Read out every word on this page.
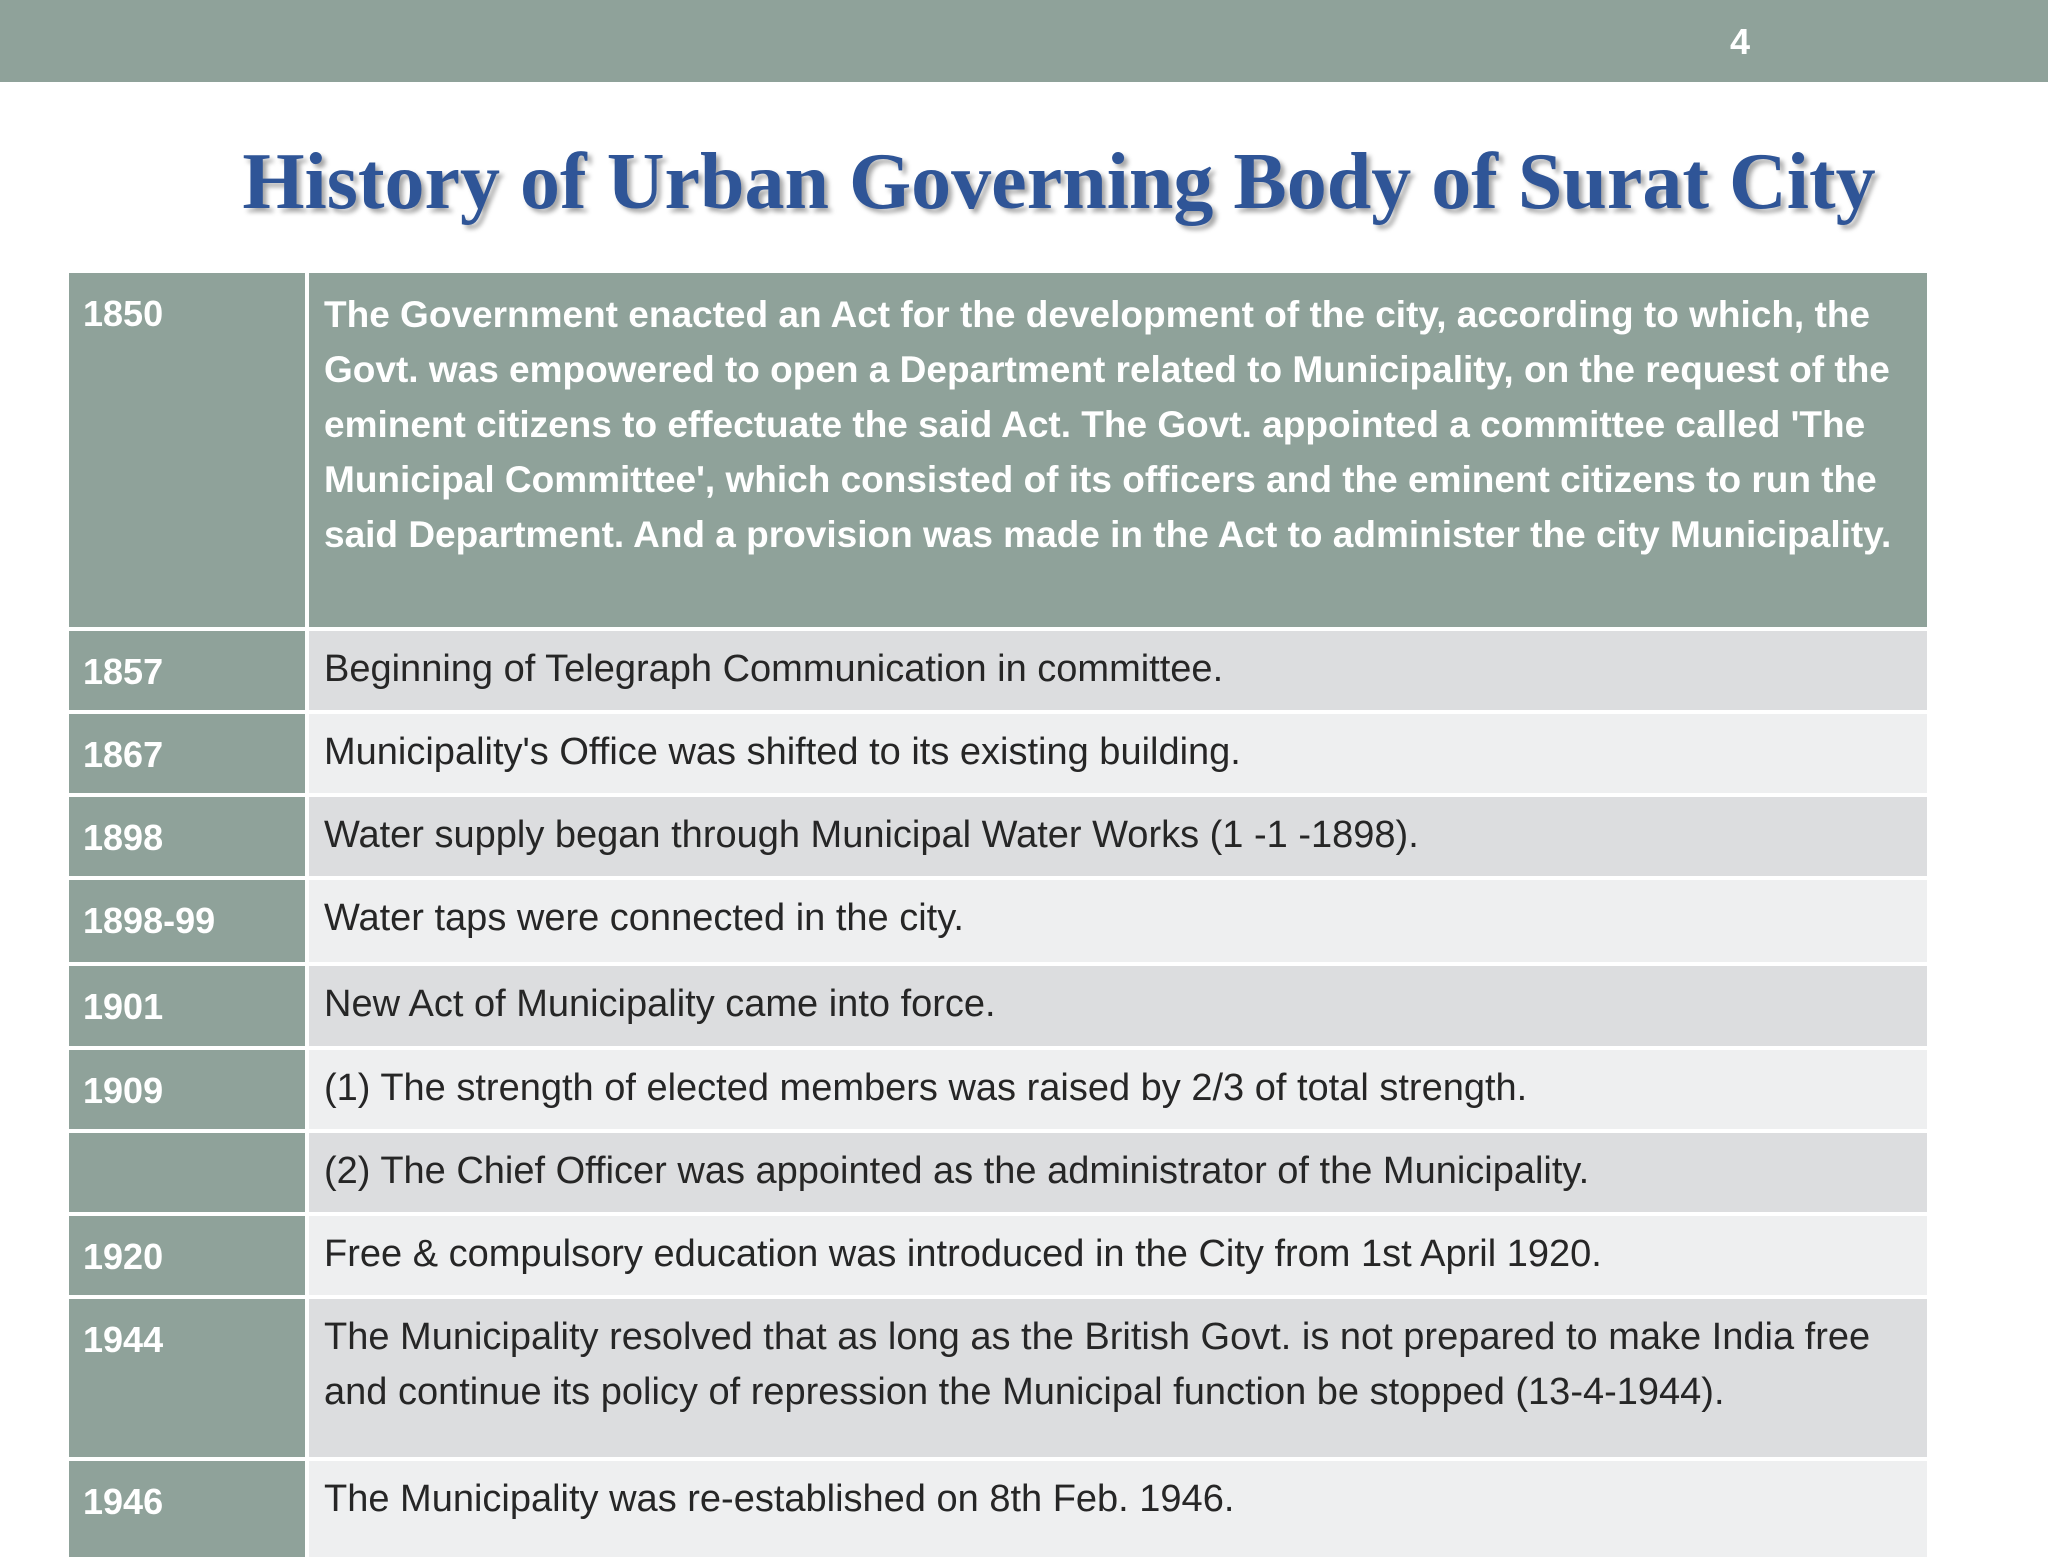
4
History of Urban Governing Body of Surat City
1850	The Government enacted an Act for the development of the city, according to which, the Govt. was empowered to open a Department related to Municipality, on the request of the eminent citizens to effectuate the said Act. The Govt. appointed a committee called 'The Municipal Committee', which consisted of its officers and the eminent citizens to run the said Department. And a provision was made in the Act to administer the city Municipality.
1857	Beginning of Telegraph Communication in committee.
1867	Municipality's Office was shifted to its existing building.
1898	Water supply began through Municipal Water Works (1 -1 -1898).
1898-99	Water taps were connected in the city.
1901	New Act of Municipality came into force.
1909	(1) The strength of elected members was raised by 2/3 of total strength.
(2) The Chief Officer was appointed as the administrator of the Municipality.
1920	Free & compulsory education was introduced in the City from 1st April 1920.
1944	The Municipality resolved that as long as the British Govt. is not prepared to make India free and continue its policy of repression the Municipal function be stopped (13-4-1944).
1946	The Municipality was re-established on 8th Feb. 1946.
